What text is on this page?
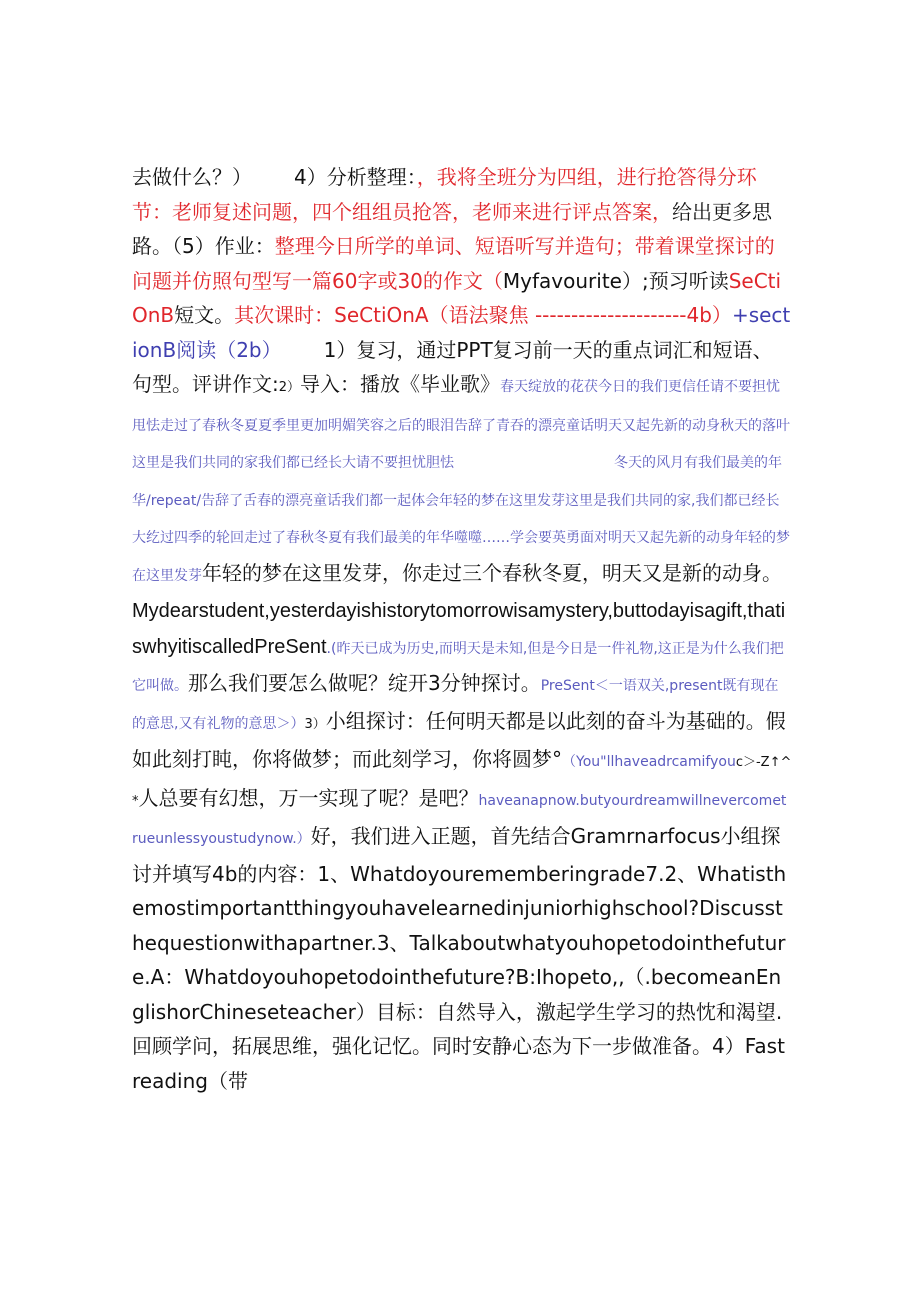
去做什么？） 4）分析整理：，我将全班分为四组，进行抢答得分环节：老师复述问题，四个组组员抢答，老师来进行评点答案，给出更多思路。（5）作业：整理今日所学的单词、短语听写并造句；带着课堂探讨的问题并仿照句型写一篇60字或30的作文（Myfavourite）;预习听读SeCtiOnB短文。其次课时：SeCtiOnA（语法聚焦 ---------------------4b）+sectionB阅读（2b） 1）复习，通过PPT复习前一天的重点词汇和短语、句型。评讲作文:2）导入：播放《毕业歌》春天绽放的花茯今日的我们更信任请不要担忧甩怯走过了春秋冬夏夏季里更加明媚笑容之后的眼泪告辞了青吞的漂亮童话明天又起先新的动身秋天的落叶这里是我们共同的家我们都已经长大请不要担忧胆怯	冬天的风月有我们最美的年华/repeat/告辞了舌春的漂亮童话我们都一起体会年轻的梦在这里发芽这里是我们共同的家,我们都已经长大纥过四季的轮回走过了春秋冬夏有我们最美的年华噬噬……学会要英勇面对明天又起先新的动身年轻的梦在这里发芽年轻的梦在这里发芽，你走过三个春秋冬夏，明天又是新的动身。Mydearstudent,yesterdayishistorytomorrowisamystery,buttodayisagift,thatiswhyitiscalledPreSent.(昨天已成为历史,而明天是未知,但是今日是一件礼物,这正是为什么我们把它叫做。那么我们要怎么做呢？绽开3分钟探讨。PreSent＜一语双关,present既有现在的意思,又有礼物的意思＞）3）小组探讨：任何明天都是以此刻的奋斗为基础的。假如此刻打盹，你将做梦；而此刻学习，你将圆梦°（You"llhaveadrcamifyouc＞-Z↑^*人总要有幻想，万一实现了呢？是吧？haveanapnow.butyourdreamwillnevercometrueunlessyoustudynow.）好，我们进入正题，首先结合Gramrnarfocus小组探讨并填写4b的内容：1、Whatdoyourememberingrade7.2、Whatisthemostimportantthingyouhavelearnedinjuniorhighschool?Discussthequestionwithapartner.3、Talkaboutwhatyouhopetodointhefuture.A：Whatdoyouhopetodointhefuture?B:Ihopeto,,（.becomeanEnglishorChineseteacher）目标：自然导入，激起学生学习的热忱和渴望.回顾学问，拓展思维，强化记忆。同时安静心态为下一步做准备。4）Fastreading（带
